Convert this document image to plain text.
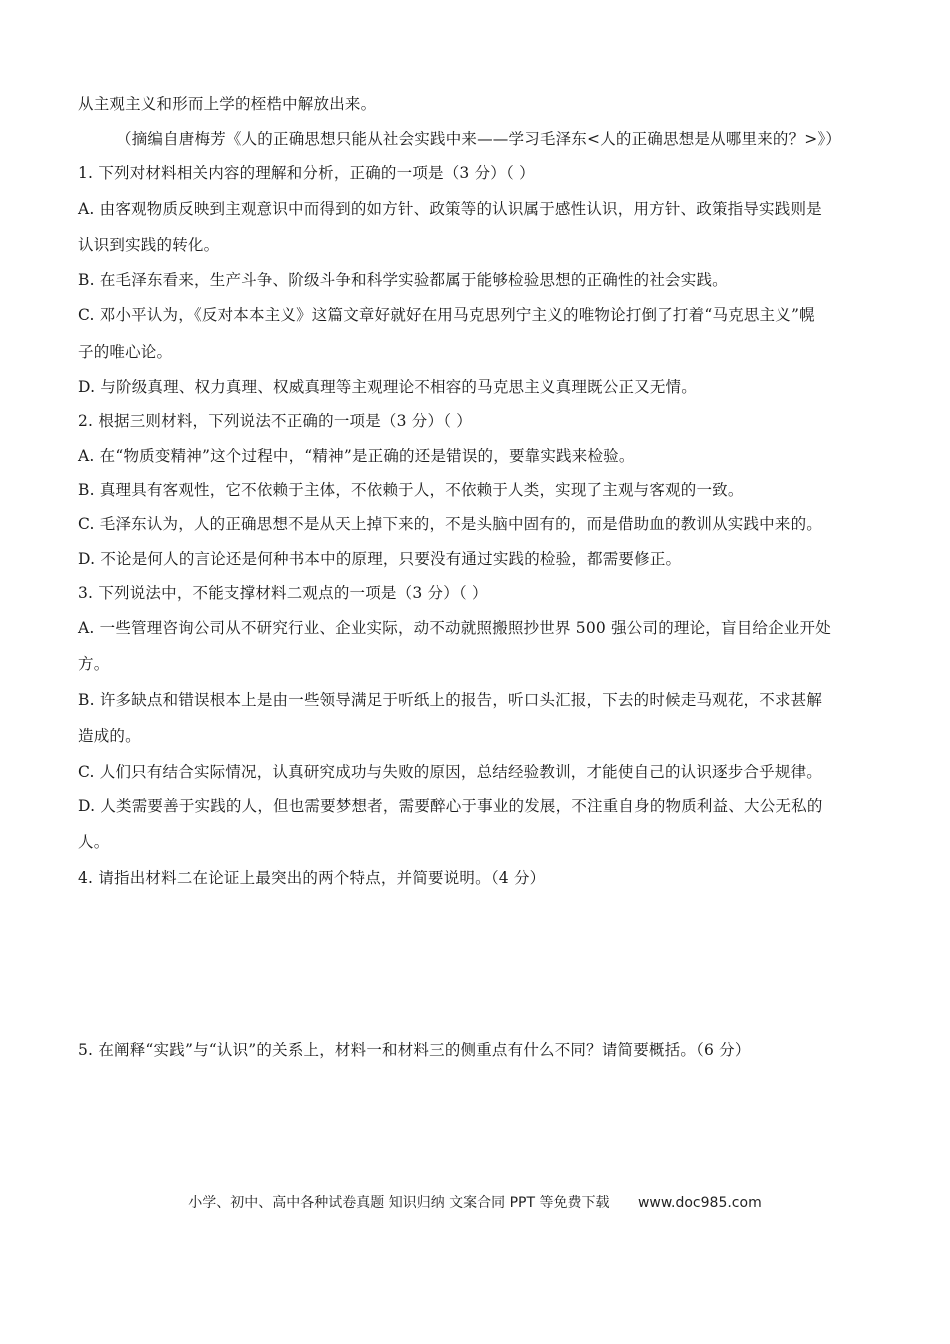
从主观主义和形而上学的桎梏中解放出来。
（摘编自唐梅芳《人的正确思想只能从社会实践中来——学习毛泽东<人的正确思想是从哪里来的？>》）
1. 下列对材料相关内容的理解和分析，正确的一项是（3 分）（ ）
A. 由客观物质反映到主观意识中而得到的如方针、政策等的认识属于感性认识，用方针、政策指导实践则是
认识到实践的转化。
B. 在毛泽东看来，生产斗争、阶级斗争和科学实验都属于能够检验思想的正确性的社会实践。
C. 邓小平认为，《反对本本主义》这篇文章好就好在用马克思列宁主义的唯物论打倒了打着“马克思主义”幌
子的唯心论。
D. 与阶级真理、权力真理、权威真理等主观理论不相容的马克思主义真理既公正又无情。
2. 根据三则材料，下列说法不正确的一项是（3 分）（ ）
A. 在“物质变精神”这个过程中，“精神”是正确的还是错误的，要靠实践来检验。
B. 真理具有客观性，它不依赖于主体，不依赖于人，不依赖于人类，实现了主观与客观的一致。
C. 毛泽东认为，人的正确思想不是从天上掉下来的，不是头脑中固有的，而是借助血的教训从实践中来的。
D. 不论是何人的言论还是何种书本中的原理，只要没有通过实践的检验，都需要修正。
3. 下列说法中，不能支撑材料二观点的一项是（3 分）（ ）
A. 一些管理咨询公司从不研究行业、企业实际，动不动就照搬照抄世界 500 强公司的理论，盲目给企业开处
方。
B. 许多缺点和错误根本上是由一些领导满足于听纸上的报告，听口头汇报，下去的时候走马观花，不求甚解
造成的。
C. 人们只有结合实际情况，认真研究成功与失败的原因，总结经验教训，才能使自己的认识逐步合乎规律。
D. 人类需要善于实践的人，但也需要梦想者，需要醉心于事业的发展，不注重自身的物质利益、大公无私的
人。
4. 请指出材料二在论证上最突出的两个特点，并简要说明。（4 分）
5. 在阐释“实践”与“认识”的关系上，材料一和材料三的侧重点有什么不同？请简要概括。（6 分）
小学、初中、高中各种试卷真题 知识归纳 文案合同 PPT 等免费下载 www.doc985.com
